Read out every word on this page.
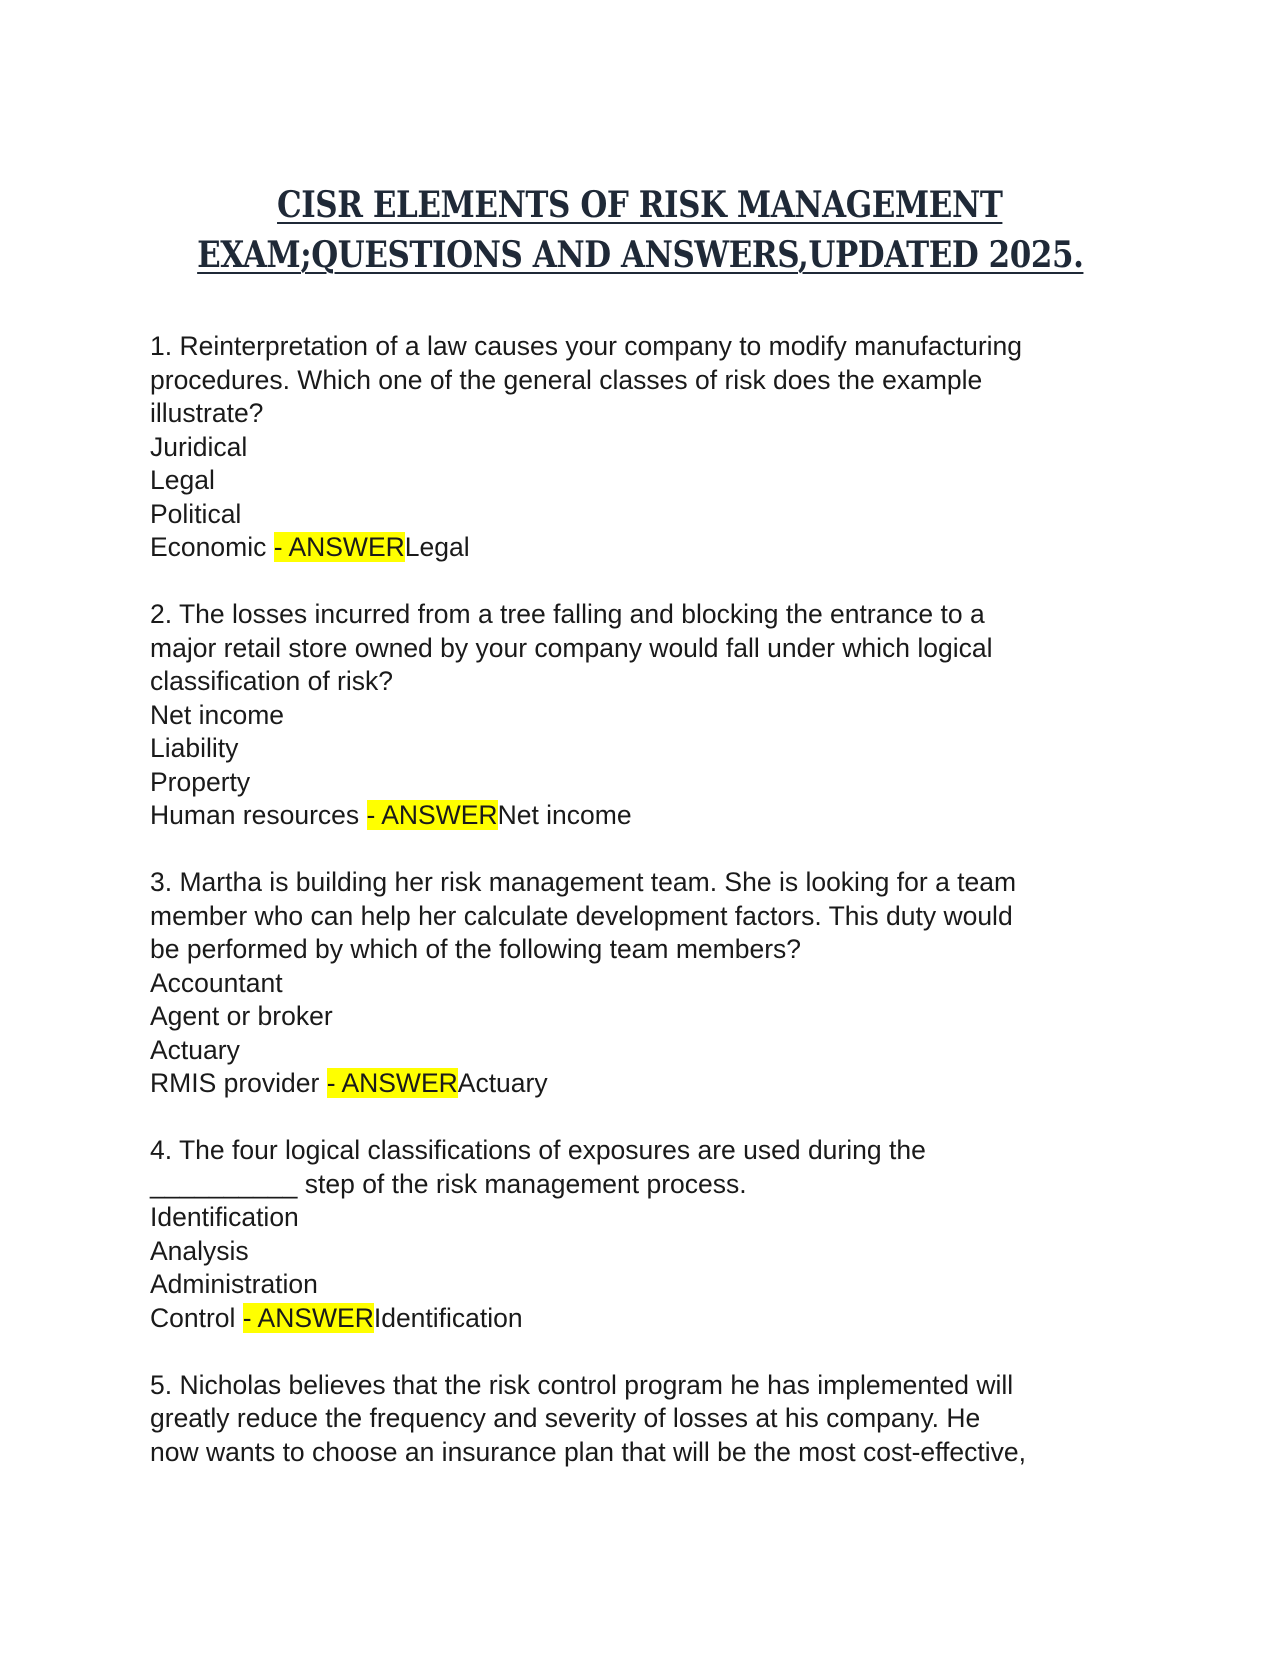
CISR ELEMENTS OF RISK MANAGEMENT
EXAM;QUESTIONS AND ANSWERS,UPDATED 2025.
1. Reinterpretation of a law causes your company to modify manufacturing
procedures. Which one of the general classes of risk does the example
illustrate?
Juridical
Legal
Political
Economic - ANSWERLegal
2. The losses incurred from a tree falling and blocking the entrance to a
major retail store owned by your company would fall under which logical
classification of risk?
Net income
Liability
Property
Human resources - ANSWERNet income
3. Martha is building her risk management team. She is looking for a team
member who can help her calculate development factors. This duty would
be performed by which of the following team members?
Accountant
Agent or broker
Actuary
RMIS provider - ANSWERActuary
4. The four logical classifications of exposures are used during the
__________ step of the risk management process.
Identification
Analysis
Administration
Control - ANSWERIdentification
5. Nicholas believes that the risk control program he has implemented will
greatly reduce the frequency and severity of losses at his company. He
now wants to choose an insurance plan that will be the most cost-effective,
